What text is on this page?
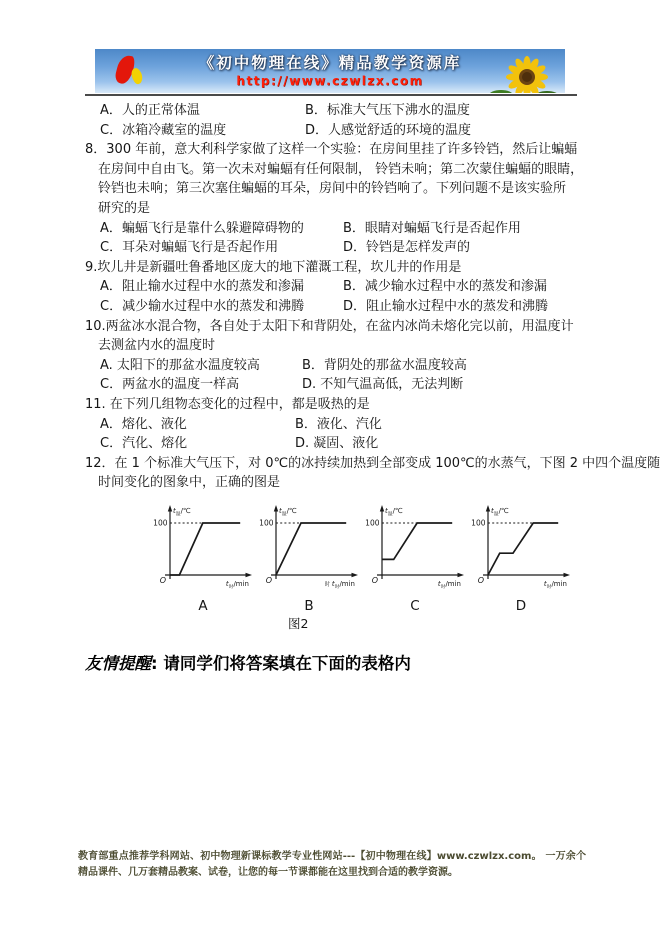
《初中物理在线》精品教学资源库
http://www.czwlzx.com
A．人的正常体温	B．标准大气压下沸水的温度
C．冰箱冷藏室的温度	D．人感觉舒适的环境的温度
8．300 年前，意大利科学家做了这样一个实验：在房间里挂了许多铃铛，然后让蝙蝠
在房间中自由飞。第一次未对蝙蝠有任何限制， 铃铛未响；第二次蒙住蝙蝠的眼睛，
铃铛也未响；第三次塞住蝙蝠的耳朵，房间中的铃铛响了。下列问题不是该实验所
研究的是
A．蝙蝠飞行是靠什么躲避障碍物的	B．眼睛对蝙蝠飞行是否起作用
C．耳朵对蝙蝠飞行是否起作用	D．铃铛是怎样发声的
9.坎儿井是新疆吐鲁番地区庞大的地下灌溉工程，坎儿井的作用是
A．阻止输水过程中水的蒸发和渗漏	B．减少输水过程中水的蒸发和渗漏
C．减少输水过程中水的蒸发和沸腾	D．阻止输水过程中水的蒸发和沸腾
10.两盆冰水混合物，各自处于太阳下和背阴处，在盆内冰尚未熔化完以前，用温度计
去测盆内水的温度时
A. 太阳下的那盆水温度较高	B．背阴处的那盆水温度较高
C．两盆水的温度一样高	D. 不知气温高低，无法判断
11. 在下列几组物态变化的过程中，都是吸热的是
A．熔化、液化	B．液化、汽化
C．汽化、熔化	D. 凝固、液化
12．在 1 个标准大气压下，对 0℃的冰持续加热到全部变成 100℃的水蒸气，下图 2 中四个温度随
时间变化的图象中，正确的图是
100
O
$t_温/℃$
$t_时/\min$
A
100
O
$t_温/℃$
时 $t_时/\min$
B
100
O
$t_温/℃$
$t_时/\min$
C
100
O
$t_温/℃$
$t_时/\min$
D
图2
友情提醒: 请同学们将答案填在下面的表格内
教育部重点推荐学科网站、初中物理新课标教学专业性网站---【初中物理在线】www.czwlzx.com。 一万余个精品课件、几万套精品教案、试卷，让您的每一节课都能在这里找到合适的教学资源。
